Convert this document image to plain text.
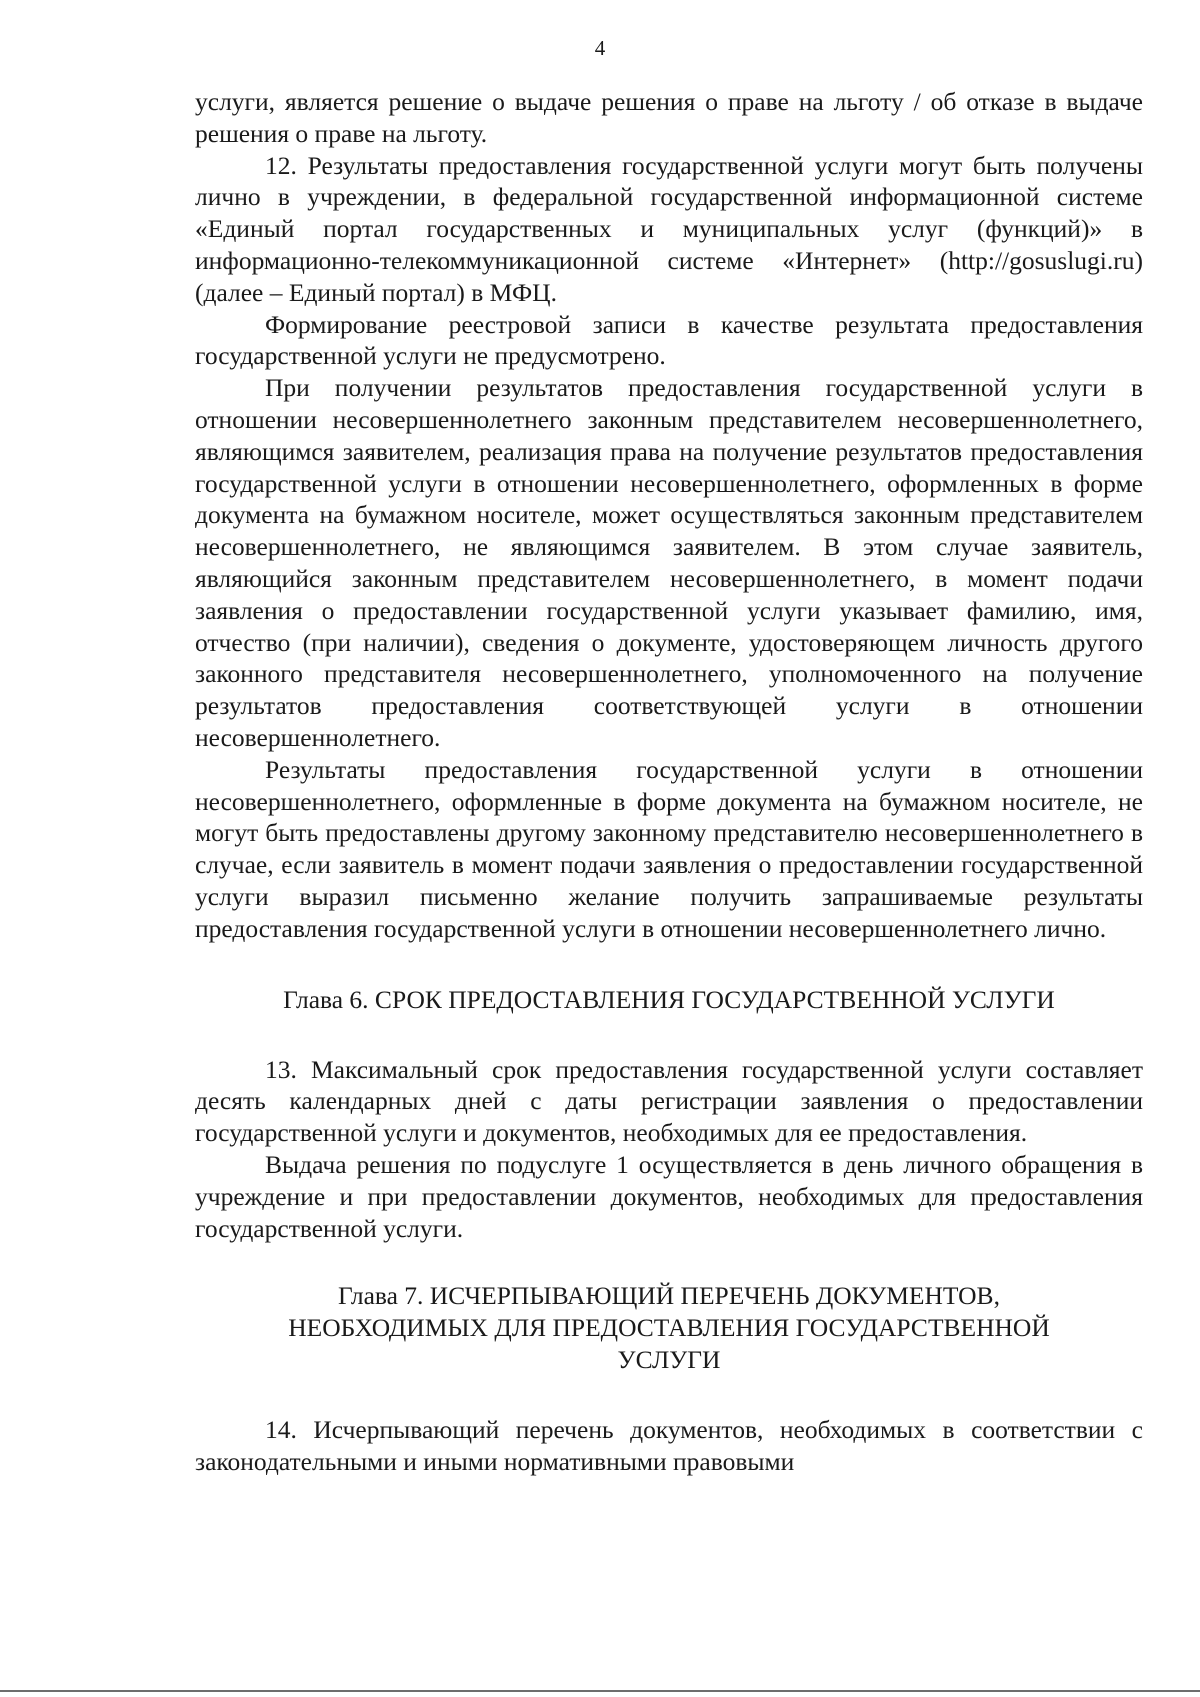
4

услуги, является решение о выдаче решения о праве на льготу / об отказе в выдаче решения о праве на льготу.

12. Результаты предоставления государственной услуги могут быть получены лично в учреждении, в федеральной государственной информационной системе «Единый портал государственных и муниципальных услуг (функций)» в информационно-телекоммуникационной системе «Интернет» (http://gosuslugi.ru) (далее – Единый портал) в МФЦ.

Формирование реестровой записи в качестве результата предоставления государственной услуги не предусмотрено.

При получении результатов предоставления государственной услуги в отношении несовершеннолетнего законным представителем несовершеннолетнего, являющимся заявителем, реализация права на получение результатов предоставления государственной услуги в отношении несовершеннолетнего, оформленных в форме документа на бумажном носителе, может осуществляться законным представителем несовершеннолетнего, не являющимся заявителем. В этом случае заявитель, являющийся законным представителем несовершеннолетнего, в момент подачи заявления о предоставлении государственной услуги указывает фамилию, имя, отчество (при наличии), сведения о документе, удостоверяющем личность другого законного представителя несовершеннолетнего, уполномоченного на получение результатов предоставления соответствующей услуги в отношении несовершеннолетнего.

Результаты предоставления государственной услуги в отношении несовершеннолетнего, оформленные в форме документа на бумажном носителе, не могут быть предоставлены другому законному представителю несовершеннолетнего в случае, если заявитель в момент подачи заявления о предоставлении государственной услуги выразил письменно желание получить запрашиваемые результаты предоставления государственной услуги в отношении несовершеннолетнего лично.

Глава 6. СРОК ПРЕДОСТАВЛЕНИЯ ГОСУДАРСТВЕННОЙ УСЛУГИ

13. Максимальный срок предоставления государственной услуги составляет десять календарных дней с даты регистрации заявления о предоставлении государственной услуги и документов, необходимых для ее предоставления.

Выдача решения по подуслуге 1 осуществляется в день личного обращения в учреждение и при предоставлении документов, необходимых для предоставления государственной услуги.

Глава 7. ИСЧЕРПЫВАЮЩИЙ ПЕРЕЧЕНЬ ДОКУМЕНТОВ,
НЕОБХОДИМЫХ ДЛЯ ПРЕДОСТАВЛЕНИЯ ГОСУДАРСТВЕННОЙ
УСЛУГИ

14. Исчерпывающий перечень документов, необходимых в соответствии с законодательными и иными нормативными правовыми
